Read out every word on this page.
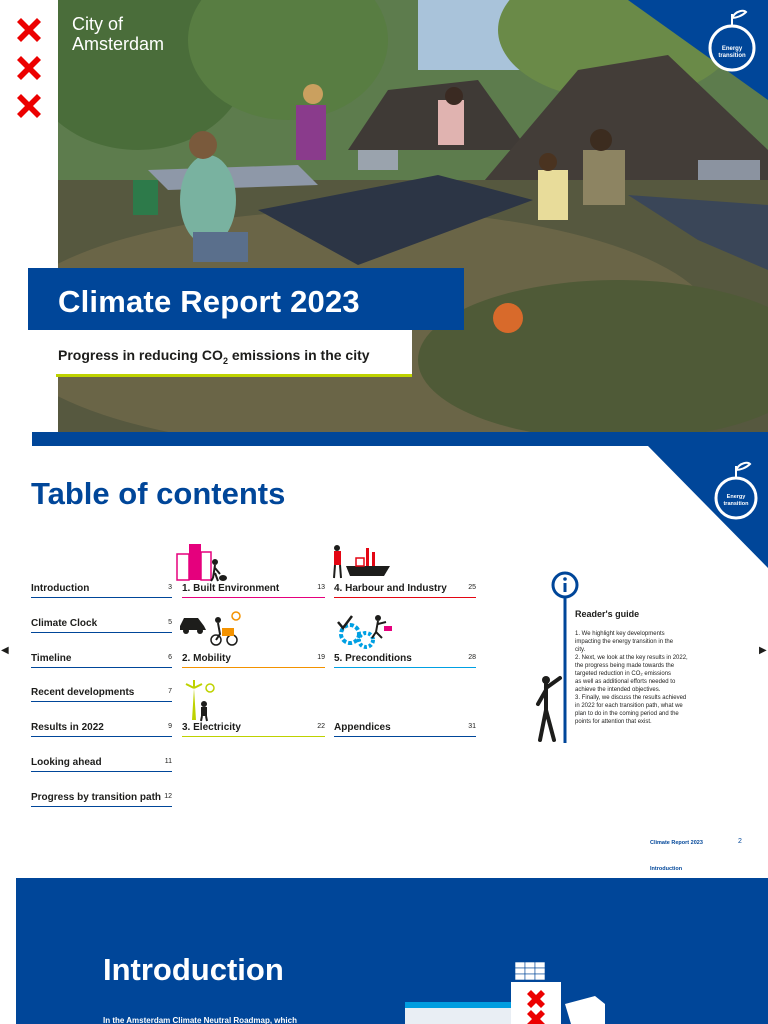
City of
Amsterdam	Energy
transition
Climate Report 2023

Progress in reducing $CO_2$ emissions in the city

Energy
transition
Table of contents
Introduction	3
Climate Clock	5
Timeline	6
Recent developments	7
Results in 2022	9
Looking ahead	11
Progress by transition path 12
1. Built Environment	13
2. Mobility	19
3. Electricity	22
4. Harbour and Industry	25
5. Preconditions	28
Appendices	31
Reader's guide
1. We highlight key developments
impacting the energy transition in the
city.
2. Next, we look at the key results in 2022,
the progress being made towards the
targeted reduction in CO₂ emissions
as well as additional efforts needed to
achieve the intended objectives.
3. Finally, we discuss the results achieved
in 2022 for each transition path, what we
plan to do in the coming period and the
points for attention that exist.
◀	▶
Climate Report 2023	2
Introduction
Introduction

In the Amsterdam Climate Neutral Roadmap, which
